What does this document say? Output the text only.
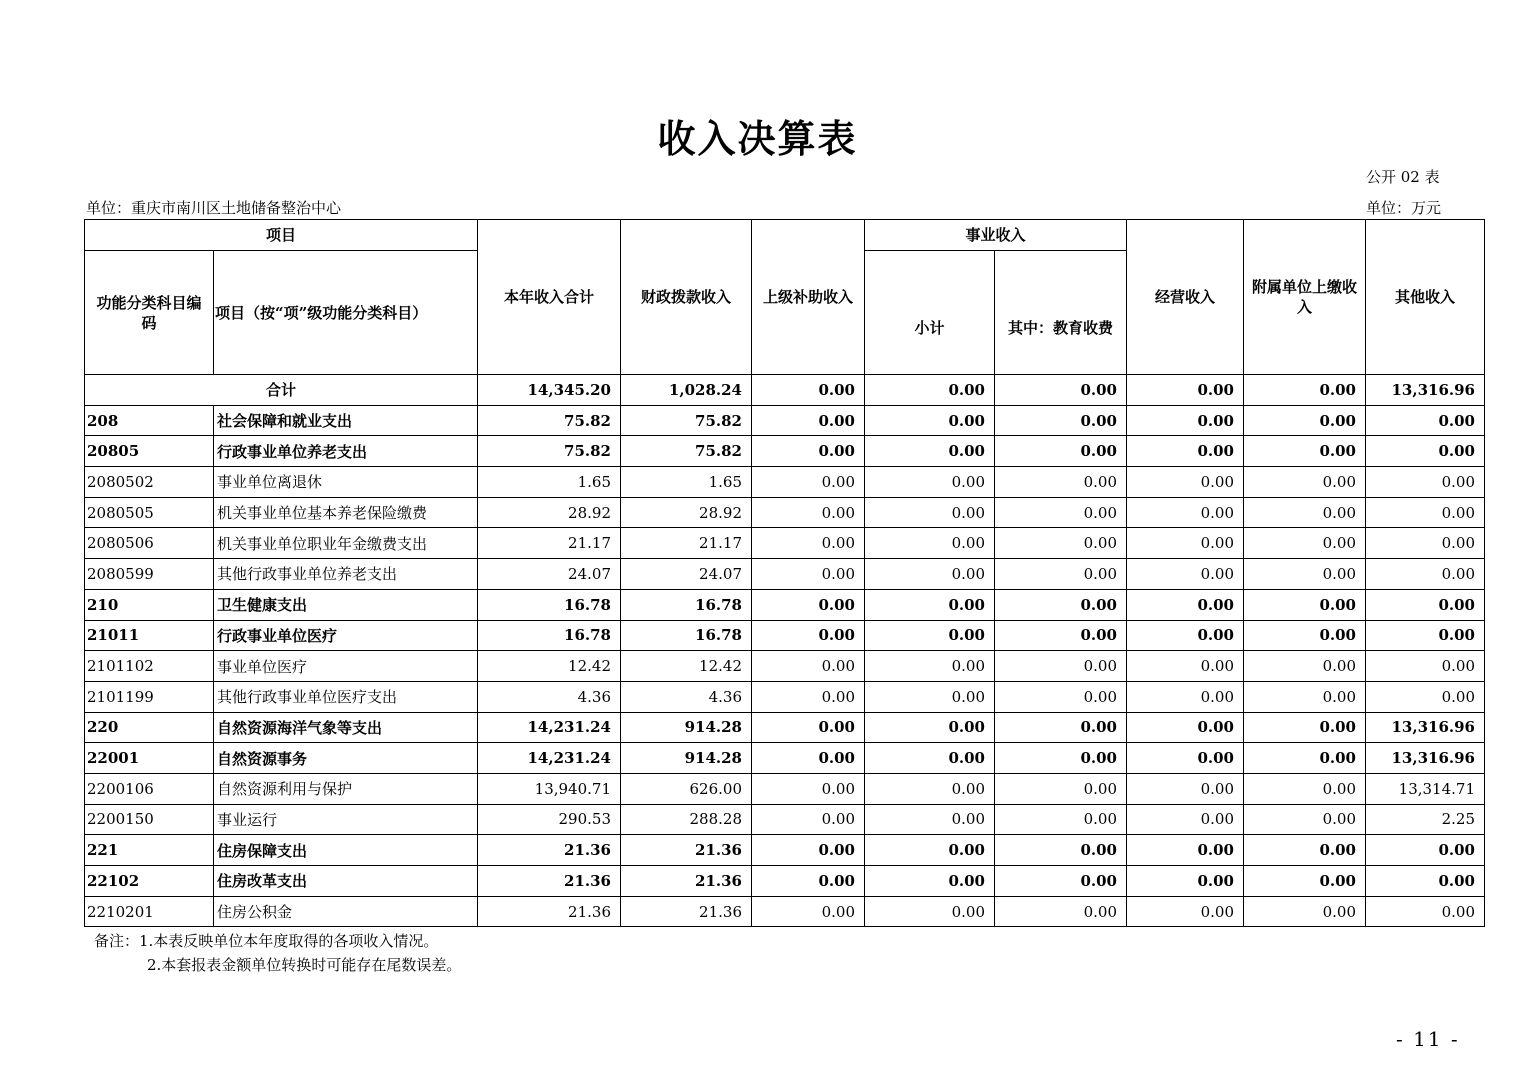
收入决算表
公开 02 表
单位：重庆市南川区土地储备整治中心	单位：万元
项目		本年收入合计	财政拨款收入	上级补助收入	事业收入		经营收入	附属单位上缴收入	其他收入
功能分类科目编码	项目（按“项”级功能分类科目）				小计	其中：教育收费			
合计		14,345.20	1,028.24	0.00	0.00	0.00	0.00	0.00	13,316.96
208	社会保障和就业支出	75.82	75.82	0.00	0.00	0.00	0.00	0.00	0.00
20805	行政事业单位养老支出	75.82	75.82	0.00	0.00	0.00	0.00	0.00	0.00
2080502	事业单位离退休	1.65	1.65	0.00	0.00	0.00	0.00	0.00	0.00
2080505	机关事业单位基本养老保险缴费	28.92	28.92	0.00	0.00	0.00	0.00	0.00	0.00
2080506	机关事业单位职业年金缴费支出	21.17	21.17	0.00	0.00	0.00	0.00	0.00	0.00
2080599	其他行政事业单位养老支出	24.07	24.07	0.00	0.00	0.00	0.00	0.00	0.00
210	卫生健康支出	16.78	16.78	0.00	0.00	0.00	0.00	0.00	0.00
21011	行政事业单位医疗	16.78	16.78	0.00	0.00	0.00	0.00	0.00	0.00
2101102	事业单位医疗	12.42	12.42	0.00	0.00	0.00	0.00	0.00	0.00
2101199	其他行政事业单位医疗支出	4.36	4.36	0.00	0.00	0.00	0.00	0.00	0.00
220	自然资源海洋气象等支出	14,231.24	914.28	0.00	0.00	0.00	0.00	0.00	13,316.96
22001	自然资源事务	14,231.24	914.28	0.00	0.00	0.00	0.00	0.00	13,316.96
2200106	自然资源利用与保护	13,940.71	626.00	0.00	0.00	0.00	0.00	0.00	13,314.71
2200150	事业运行	290.53	288.28	0.00	0.00	0.00	0.00	0.00	2.25
221	住房保障支出	21.36	21.36	0.00	0.00	0.00	0.00	0.00	0.00
22102	住房改革支出	21.36	21.36	0.00	0.00	0.00	0.00	0.00	0.00
2210201	住房公积金	21.36	21.36	0.00	0.00	0.00	0.00	0.00	0.00
备注：1.本表反映单位本年度取得的各项收入情况。
2.本套报表金额单位转换时可能存在尾数误差。
- 11 -
